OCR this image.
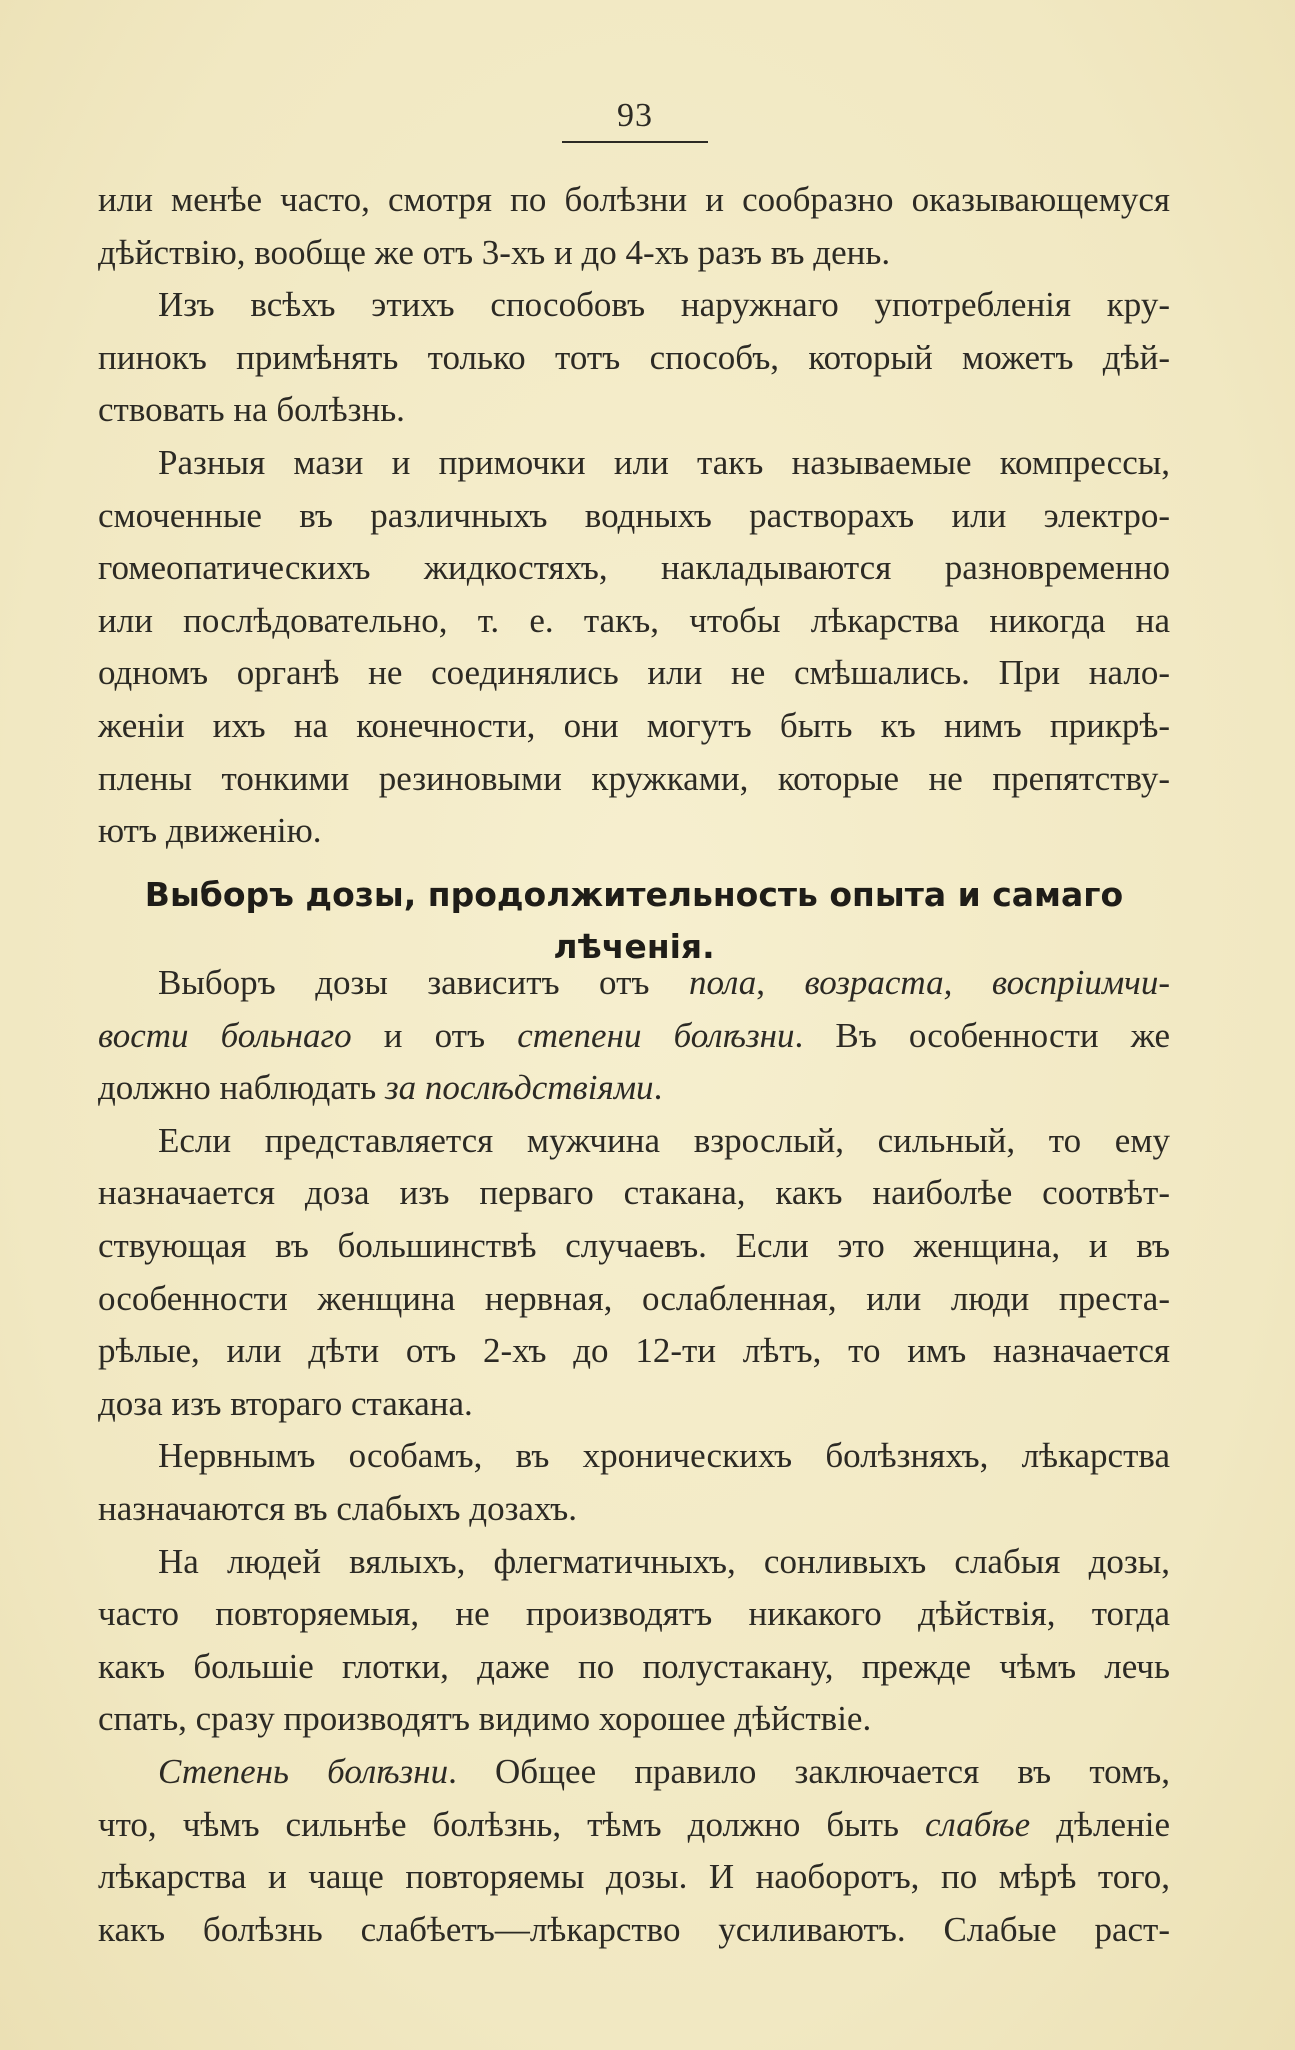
93
или менѣе часто, смотря по болѣзни и сообразно оказывающемуся
дѣйствію, вообще же отъ 3-хъ и до 4-хъ разъ въ день.
Изъ всѣхъ этихъ способовъ наружнаго употребленія кру-
пинокъ примѣнять только тотъ способъ, который можетъ дѣй-
ствовать на болѣзнь.
Разныя мази и примочки или такъ называемые компрессы,
смоченные въ различныхъ водныхъ растворахъ или электро-
гомеопатическихъ жидкостяхъ, накладываются разновременно
или послѣдовательно, т. е. такъ, чтобы лѣкарства никогда на
одномъ органѣ не соединялись или не смѣшались. При нало-
женіи ихъ на конечности, они могутъ быть къ нимъ прикрѣ-
плены тонкими резиновыми кружками, которые не препятству-
ютъ движенію.
Выборъ дозы, продолжительность опыта и самаго
лѣченія.
Выборъ дозы зависитъ отъ пола, возраста, воспріимчи-
вости больнаго и отъ степени болѣзни. Въ особенности же
должно наблюдать за послѣдствіями.
Если представляется мужчина взрослый, сильный, то ему
назначается доза изъ перваго стакана, какъ наиболѣе соотвѣт-
ствующая въ большинствѣ случаевъ. Если это женщина, и въ
особенности женщина нервная, ослабленная, или люди преста-
рѣлые, или дѣти отъ 2-хъ до 12-ти лѣтъ, то имъ назначается
доза изъ втораго стакана.
Нервнымъ особамъ, въ хроническихъ болѣзняхъ, лѣкарства
назначаются въ слабыхъ дозахъ.
На людей вялыхъ, флегматичныхъ, сонливыхъ слабыя дозы,
часто повторяемыя, не производятъ никакого дѣйствія, тогда
какъ большіе глотки, даже по полустакану, прежде чѣмъ лечь
спать, сразу производятъ видимо хорошее дѣйствіе.
Степень болѣзни. Общее правило заключается въ томъ,
что, чѣмъ сильнѣе болѣзнь, тѣмъ должно быть слабѣе дѣленіе
лѣкарства и чаще повторяемы дозы. И наоборотъ, по мѣрѣ того,
какъ болѣзнь слабѣетъ—лѣкарство усиливаютъ. Слабые раст-
